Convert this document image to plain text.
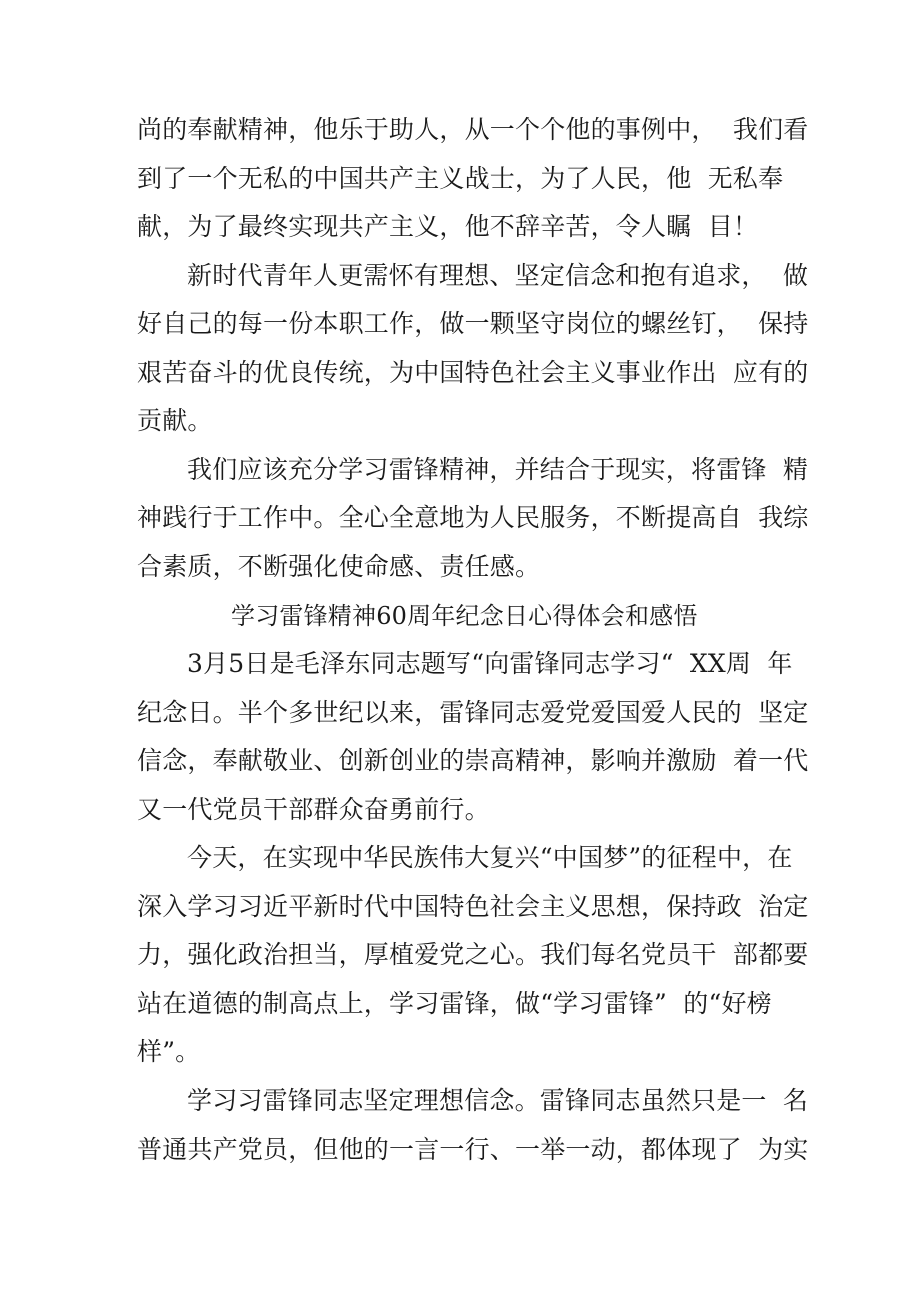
尚的奉献精神，他乐于助人，从一个个他的事例中，  我们看
到了一个无私的中国共产主义战士，为了人民，他  无私奉
献，为了最终实现共产主义，他不辞辛苦，令人瞩  目！
新时代青年人更需怀有理想、坚定信念和抱有追求，  做
好自己的每一份本职工作，做一颗坚守岗位的螺丝钉，  保持
艰苦奋斗的优良传统，为中国特色社会主义事业作出  应有的
贡献。
我们应该充分学习雷锋精神，并结合于现实，将雷锋  精
神践行于工作中。全心全意地为人民服务，不断提高自  我综
合素质，不断强化使命感、责任感。
学习雷锋精神60周年纪念日心得体会和感悟
3月5日是毛泽东同志题写“向雷锋同志学习“  XX周  年
纪念日。半个多世纪以来，雷锋同志爱党爱国爱人民的  坚定
信念，奉献敬业、创新创业的崇高精神，影响并激励  着一代
又一代党员干部群众奋勇前行。
今天，在实现中华民族伟大复兴“中国梦”的征程中，在
深入学习习近平新时代中国特色社会主义思想，保持政  治定
力，强化政治担当，厚植爱党之心。我们每名党员干  部都要
站在道德的制高点上，学习雷锋，做“学习雷锋”  的“好榜
样”。
学习习雷锋同志坚定理想信念。雷锋同志虽然只是一  名
普通共产党员，但他的一言一行、一举一动，都体现了  为实
